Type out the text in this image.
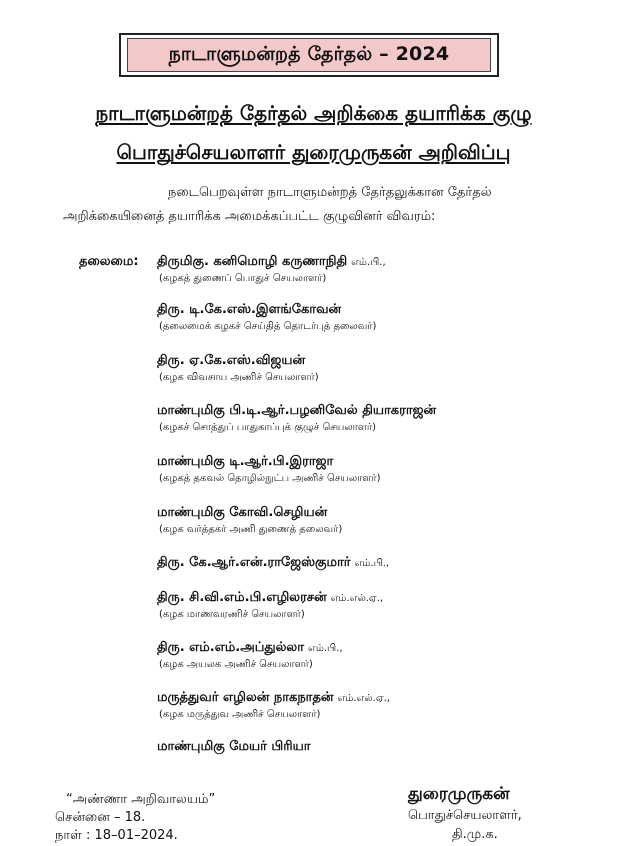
நாடாளுமன்றத் தேர்தல் – 2024
நாடாளுமன்றத் தேர்தல் அறிக்கை தயாரிக்க குழு
பொதுச்செயலாளர் துரைமுருகன் அறிவிப்பு
நடைபெறவுள்ள நாடாளுமன்றத் தேர்தலுக்கான தேர்தல்
அறிக்கையினைத் தயாரிக்க அமைக்கப்பட்ட குழுவினர் விவரம்:
தலைமை: திருமிகு. கனிமொழி கருணாநிதி எம்.பி.,
(கழகத் துணைப் பொதுச் செயலாளர்)
திரு. டி.கே.எஸ்.இளங்கோவன்
(தலைமைக் கழகச் செய்தித் தொடர்புத் தலைவர்)
திரு. ஏ.கே.எஸ்.விஜயன்
(கழக விவசாய அணிச் செயலாளர்)
மாண்புமிகு பி.டி.ஆர்.பழனிவேல் தியாகராஜன்
(கழகச் சொத்துப் பாதுகாப்புக் குழுச் செயலாளர்)
மாண்புமிகு டி.ஆர்.பி.இராஜா
(கழகத் தகவல் தொழில்நுட்ப அணிச் செயலாளர்)
மாண்புமிகு கோவி.செழியன்
(கழக வர்த்தகர் அணி துணைத் தலைவர்)
திரு. கே.ஆர்.என்.ராஜேஸ்குமார் எம்.பி.,
திரு. சி.வி.எம்.பி.எழிலரசன் எம்.எல்.ஏ.,
(கழக மாணவரணிச் செயலாளர்)
திரு. எம்.எம்.அப்துல்லா எம்.பி.,
(கழக அயலக அணிச் செயலாளர்)
மருத்துவர் எழிலன் நாகநாதன் எம்.எல்.ஏ.,
(கழக மருத்துவ அணிச் செயலாளர்)
மாண்புமிகு மேயர் பிரியா
“அண்ணா அறிவாலயம்”
சென்னை – 18.
நாள் : 18–01–2024.
துரைமுருகன்
பொதுச்செயலாளர்,
தி.மு.க.
